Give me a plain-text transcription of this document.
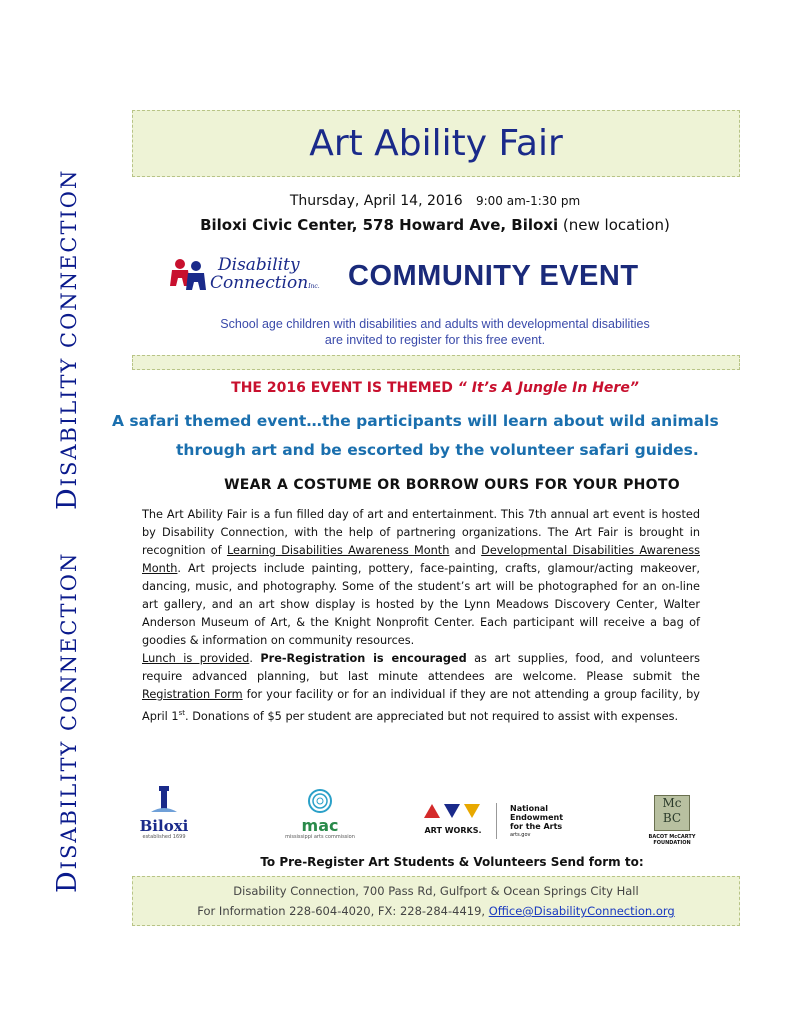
DISABILITY CONNECTION
DISABILITY CONNECTION
Art Ability Fair
Thursday, April 14, 2016 9:00 am-1:30 pm
Biloxi Civic Center, 578 Howard Ave, Biloxi (new location)
Disability
ConnectionInc. COMMUNITY EVENT
School age children with disabilities and adults with developmental disabilities
are invited to register for this free event.
THE 2016 EVENT IS THEMED “ It’s A Jungle In Here”
A safari themed event…the participants will learn about wild animals
through art and be escorted by the volunteer safari guides.
WEAR A COSTUME OR BORROW OURS FOR YOUR PHOTO

The Art Ability Fair is a fun filled day of art and entertainment. This 7th annual art event is hosted by Disability Connection, with the help of partnering organizations. The Art Fair is brought in recognition of Learning Disabilities Awareness Month and Developmental Disabilities Awareness Month. Art projects include painting, pottery, face-painting, crafts, glamour/acting makeover, dancing, music, and photography. Some of the student’s art will be photographed for an on-line art gallery, and an art show display is hosted by the Lynn Meadows Discovery Center, Walter Anderson Museum of Art, & the Knight Nonprofit Center. Each participant will receive a bag of goodies & information on community resources.

Lunch is provided. Pre-Registration is encouraged as art supplies, food, and volunteers require advanced planning, but last minute attendees are welcome. Please submit the Registration Form for your facility or for an individual if they are not attending a group facility, by April 1st. Donations of $5 per student are appreciated but not required to assist with expenses.

Biloxi
established 1699
mac
mississippi arts commission
ART WORKS.
National
Endowment
for the Arts
arts.gov
Mc
BC
BACOT McCARTY
FOUNDATION
To Pre-Register Art Students & Volunteers Send form to:
Disability Connection, 700 Pass Rd, Gulfport & Ocean Springs City Hall
For Information 228-604-4020, FX: 228-284-4419, Office@DisabilityConnection.org
